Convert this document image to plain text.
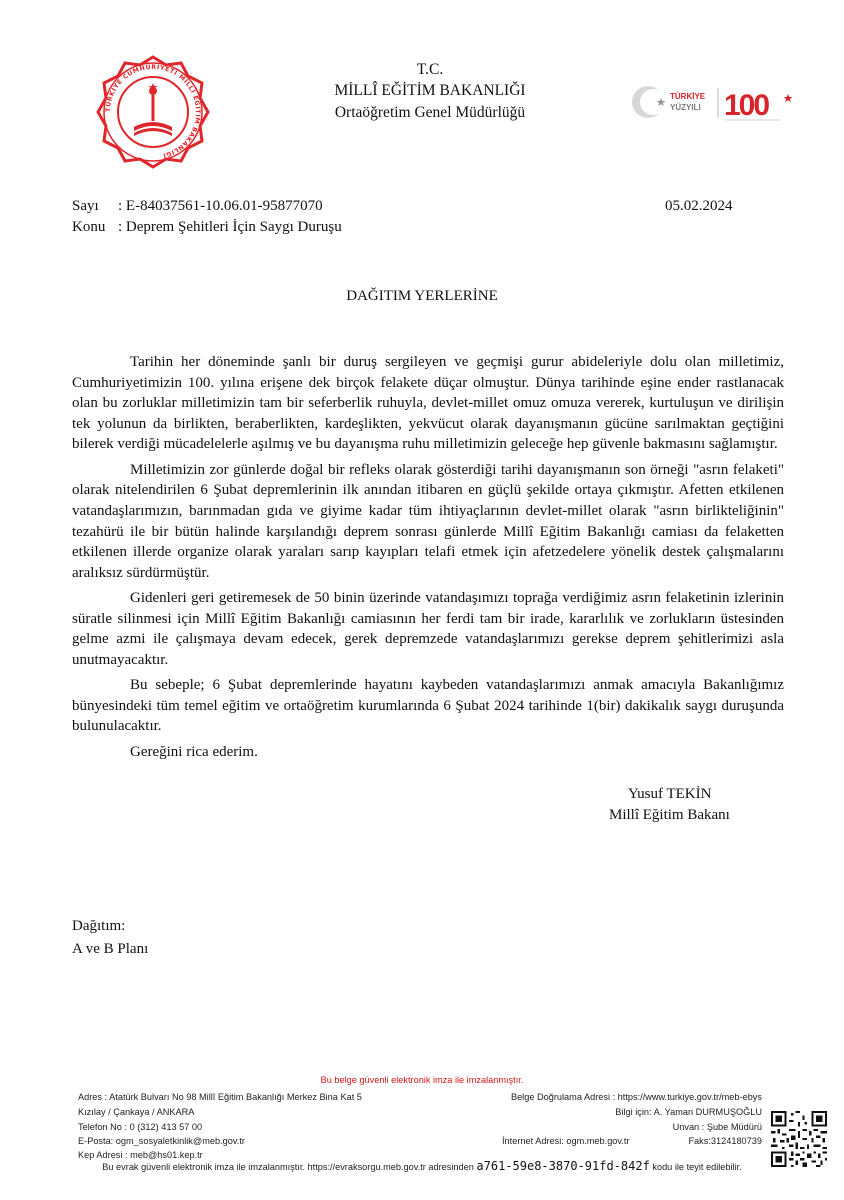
TÜRKİYE CUMHURİYETİ MİLLÎ EĞİTİM BAKANLIĞI
T.C.
MİLLÎ EĞİTİM BAKANLIĞI
Ortaöğretim Genel Müdürlüğü
TÜRKİYE
YÜZYILI 100
Sayı : E-84037561-10.06.01-95877070	05.02.2024
Konu : Deprem Şehitleri İçin Saygı Duruşu
DAĞITIM YERLERİNE

Tarihin her döneminde şanlı bir duruş sergileyen ve geçmişi gurur abideleriyle dolu olan milletimiz, Cumhuriyetimizin 100. yılına erişene dek birçok felakete düçar olmuştur. Dünya tarihinde eşine ender rastlanacak olan bu zorluklar milletimizin tam bir seferberlik ruhuyla, devlet-millet omuz omuza vererek, kurtuluşun ve dirilişin tek yolunun da birlikten, beraberlikten, kardeşlikten, yekvücut olarak dayanışmanın gücüne sarılmaktan geçtiğini bilerek verdiği mücadelelerle aşılmış ve bu dayanışma ruhu milletimizin geleceğe hep güvenle bakmasını sağlamıştır.

Milletimizin zor günlerde doğal bir refleks olarak gösterdiği tarihi dayanışmanın son örneği "asrın felaketi" olarak nitelendirilen 6 Şubat depremlerinin ilk anından itibaren en güçlü şekilde ortaya çıkmıştır. Afetten etkilenen vatandaşlarımızın, barınmadan gıda ve giyime kadar tüm ihtiyaçlarının devlet-millet olarak "asrın birlikteliğinin" tezahürü ile bir bütün halinde karşılandığı deprem sonrası günlerde Millî Eğitim Bakanlığı camiası da felaketten etkilenen illerde organize olarak yaraları sarıp kayıpları telafi etmek için afetzedelere yönelik destek çalışmalarını aralıksız sürdürmüştür.

Gidenleri geri getiremesek de 50 binin üzerinde vatandaşımızı toprağa verdiğimiz asrın felaketinin izlerinin süratle silinmesi için Millî Eğitim Bakanlığı camiasının her ferdi tam bir irade, kararlılık ve zorlukların üstesinden gelme azmi ile çalışmaya devam edecek, gerek depremzede vatandaşlarımızı gerekse deprem şehitlerimizi asla unutmayacaktır.

Bu sebeple; 6 Şubat depremlerinde hayatını kaybeden vatandaşlarımızı anmak amacıyla Bakanlığımız bünyesindeki tüm temel eğitim ve ortaöğretim kurumlarında 6 Şubat 2024 tarihinde 1(bir) dakikalık saygı duruşunda bulunulacaktır.

Gereğini rica ederim.

Yusuf TEKİN
Millî Eğitim Bakanı
Dağıtım:
A ve B Planı
Bu belge güvenli elektronik imza ile imzalanmıştır.
Adres : Atatürk Bulvarı No 98 Millî Eğitim Bakanlığı Merkez Bina Kat 5
Kızılay / Çankaya / ANKARA
Telefon No : 0 (312) 413 57 00
E-Posta: ogm_sosyaletkinlik@meb.gov.tr
Kep Adresi : meb@hs01.kep.tr
Belge Doğrulama Adresi : https://www.turkiye.gov.tr/meb-ebys
Bilgi için: A. Yaman DURMUŞOĞLU
Unvan : Şube Müdürü
İnternet Adresi: ogm.meb.gov.tr	Faks:3124180739
Bu evrak güvenli elektronik imza ile imzalanmıştır. https://evraksorgu.meb.gov.tr adresinden a761-59e8-3870-91fd-842f kodu ile teyit edilebilir.
